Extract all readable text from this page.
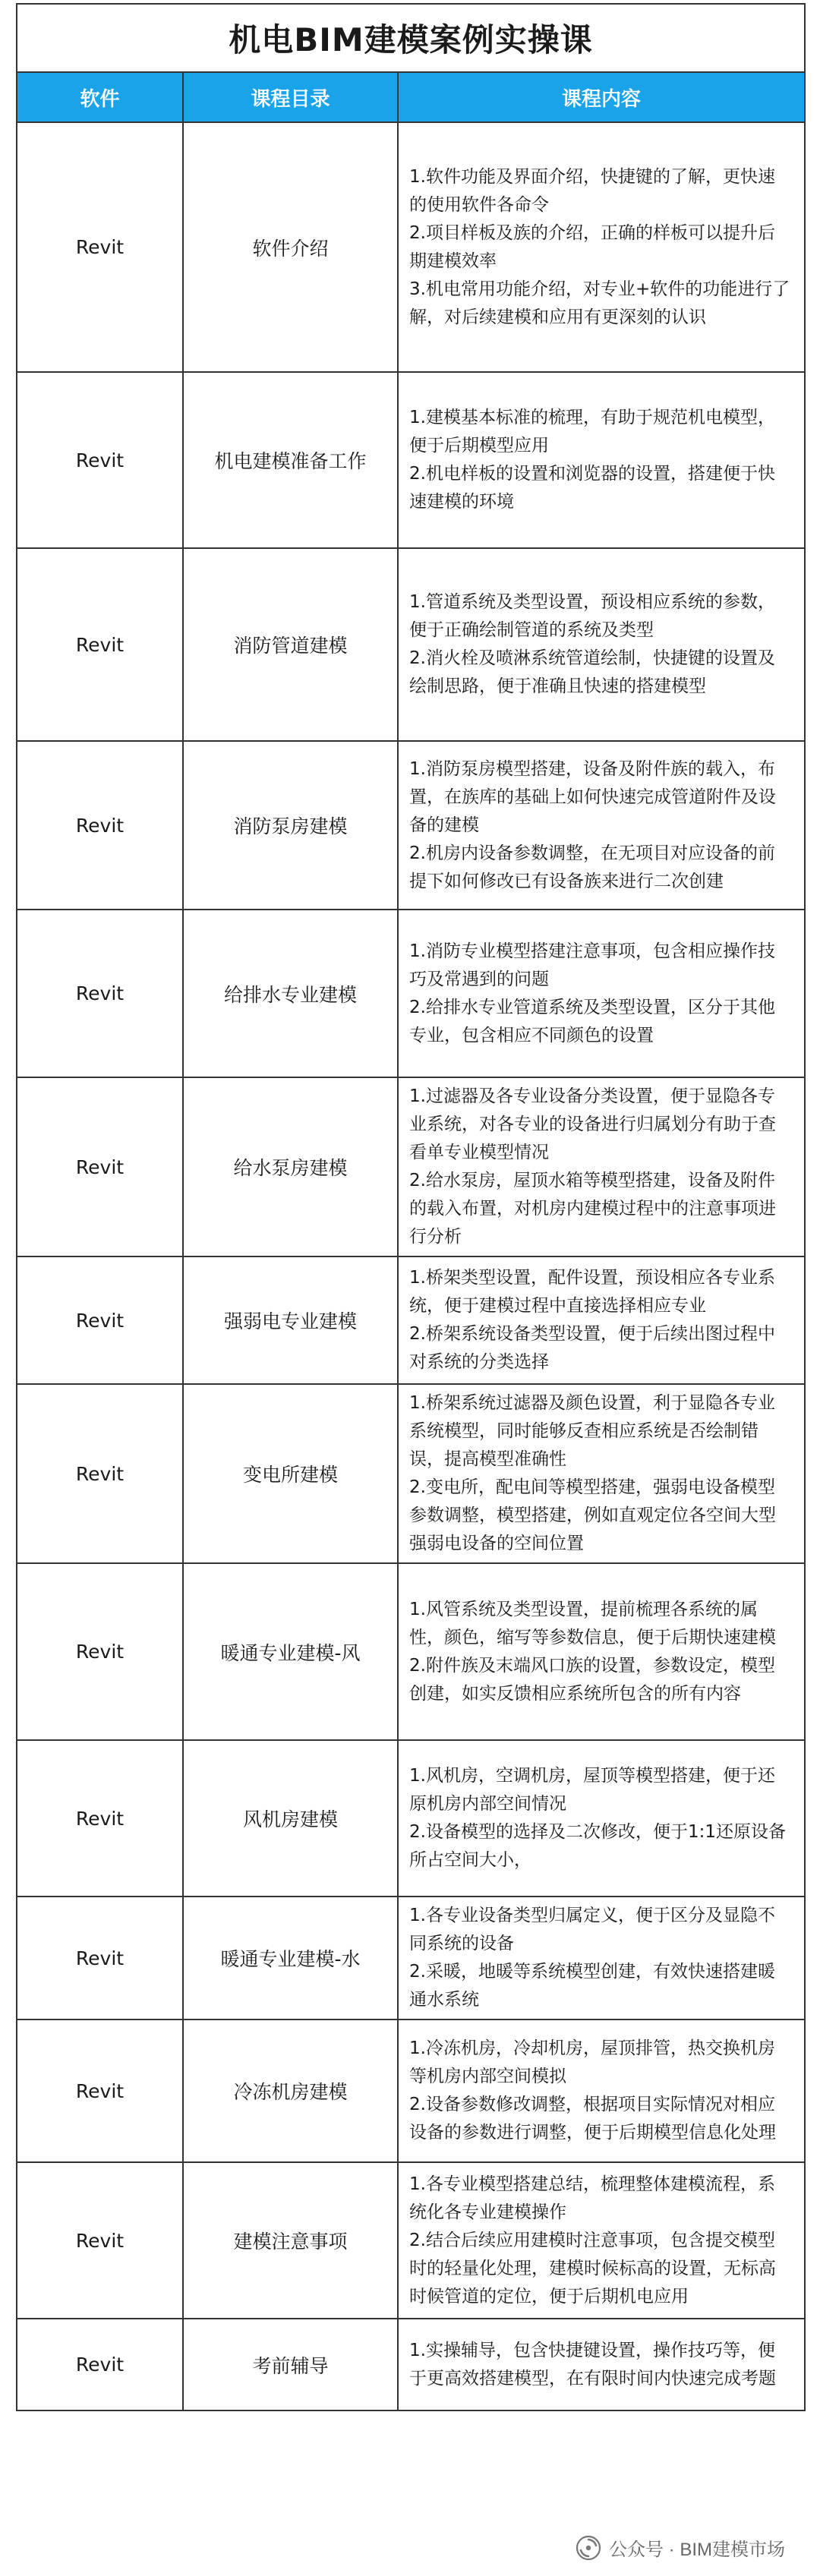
机电BIM建模案例实操课
软件	课程目录	课程内容
Revit	软件介绍	1.软件功能及界面介绍，快捷键的了解，更快速的使用软件各命令
2.项目样板及族的介绍，正确的样板可以提升后期建模效率
3.机电常用功能介绍，对专业+软件的功能进行了解，对后续建模和应用有更深刻的认识

Revit	机电建模准备工作	1.建模基本标准的梳理，有助于规范机电模型，便于后期模型应用
2.机电样板的设置和浏览器的设置，搭建便于快速建模的环境

Revit	消防管道建模	1.管道系统及类型设置，预设相应系统的参数，便于正确绘制管道的系统及类型
2.消火栓及喷淋系统管道绘制，快捷键的设置及绘制思路，便于准确且快速的搭建模型

Revit	消防泵房建模	1.消防泵房模型搭建，设备及附件族的载入，布置，在族库的基础上如何快速完成管道附件及设备的建模
2.机房内设备参数调整，在无项目对应设备的前提下如何修改已有设备族来进行二次创建

Revit	给排水专业建模	1.消防专业模型搭建注意事项，包含相应操作技巧及常遇到的问题
2.给排水专业管道系统及类型设置，区分于其他专业，包含相应不同颜色的设置

Revit	给水泵房建模	1.过滤器及各专业设备分类设置，便于显隐各专业系统，对各专业的设备进行归属划分有助于查看单专业模型情况
2.给水泵房，屋顶水箱等模型搭建，设备及附件的载入布置，对机房内建模过程中的注意事项进行分析

Revit	强弱电专业建模	1.桥架类型设置，配件设置，预设相应各专业系统，便于建模过程中直接选择相应专业
2.桥架系统设备类型设置，便于后续出图过程中对系统的分类选择

Revit	变电所建模	1.桥架系统过滤器及颜色设置，利于显隐各专业系统模型，同时能够反查相应系统是否绘制错误，提高模型准确性
2.变电所，配电间等模型搭建，强弱电设备模型参数调整，模型搭建，例如直观定位各空间大型强弱电设备的空间位置

Revit	暖通专业建模-风	1.风管系统及类型设置，提前梳理各系统的属性，颜色，缩写等参数信息，便于后期快速建模
2.附件族及末端风口族的设置，参数设定，模型创建，如实反馈相应系统所包含的所有内容

Revit	风机房建模	1.风机房，空调机房，屋顶等模型搭建，便于还原机房内部空间情况
2.设备模型的选择及二次修改，便于1:1还原设备所占空间大小，

Revit	暖通专业建模-水	1.各专业设备类型归属定义，便于区分及显隐不同系统的设备
2.采暖，地暖等系统模型创建，有效快速搭建暖通水系统

Revit	冷冻机房建模	1.冷冻机房，冷却机房，屋顶排管，热交换机房等机房内部空间模拟
2.设备参数修改调整，根据项目实际情况对相应设备的参数进行调整，便于后期模型信息化处理

Revit	建模注意事项	1.各专业模型搭建总结，梳理整体建模流程，系统化各专业建模操作
2.结合后续应用建模时注意事项，包含提交模型时的轻量化处理，建模时候标高的设置，无标高时候管道的定位，便于后期机电应用

Revit	考前辅导	1.实操辅导，包含快捷键设置，操作技巧等，便于更高效搭建模型，在有限时间内快速完成考题
公众号 · BIM建模市场
